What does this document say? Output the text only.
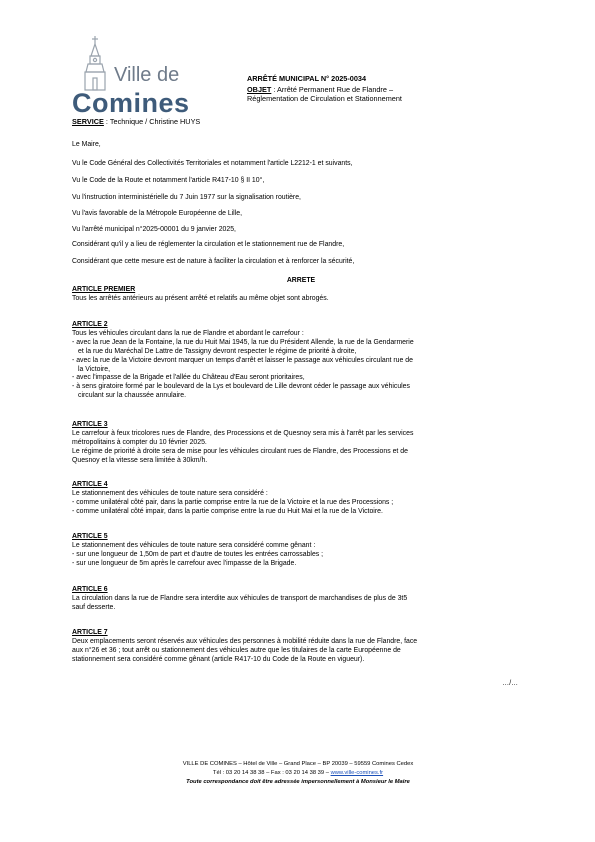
Ville de
Comines
ARRÊTÉ MUNICIPAL N° 2025-0034
OBJET : Arrêté Permanent Rue de Flandre –
Réglementation de Circulation et Stationnement
SERVICE : Technique / Christine HUYS
Le Maire,
Vu le Code Général des Collectivités Territoriales et notamment l'article L2212-1 et suivants,
Vu le Code de la Route et notamment l'article R417-10 § II 10°,
Vu l'instruction interministérielle du 7 Juin 1977 sur la signalisation routière,
Vu l'avis favorable de la Métropole Européenne de Lille,
Vu l'arrêté municipal n°2025-00001 du 9 janvier 2025,
Considérant qu'il y a lieu de réglementer la circulation et le stationnement rue de Flandre,
Considérant que cette mesure est de nature à faciliter la circulation et à renforcer la sécurité,
ARRETE
ARTICLE PREMIER
Tous les arrêtés antérieurs au présent arrêté et relatifs au même objet sont abrogés.
ARTICLE 2
Tous les véhicules circulant dans la rue de Flandre et abordant le carrefour :
- avec la rue Jean de la Fontaine, la rue du Huit Mai 1945, la rue du Président Allende, la rue de la Gendarmerie
et la rue du Maréchal De Lattre de Tassigny devront respecter le régime de priorité à droite,
- avec la rue de la Victoire devront marquer un temps d'arrêt et laisser le passage aux véhicules circulant rue de
la Victoire,
- avec l'impasse de la Brigade et l'allée du Château d'Eau seront prioritaires,
- à sens giratoire formé par le boulevard de la Lys et boulevard de Lille devront céder le passage aux véhicules
circulant sur la chaussée annulaire.
ARTICLE 3
Le carrefour à feux tricolores rues de Flandre, des Processions et de Quesnoy sera mis à l'arrêt par les services
métropolitains à compter du 10 février 2025.
Le régime de priorité à droite sera de mise pour les véhicules circulant rues de Flandre, des Processions et de
Quesnoy et la vitesse sera limitée à 30km/h.
ARTICLE 4
Le stationnement des véhicules de toute nature sera considéré :
- comme unilatéral côté pair, dans la partie comprise entre la rue de la Victoire et la rue des Processions ;
- comme unilatéral côté impair, dans la partie comprise entre la rue du Huit Mai et la rue de la Victoire.
ARTICLE 5
Le stationnement des véhicules de toute nature sera considéré comme gênant :
- sur une longueur de 1,50m de part et d'autre de toutes les entrées carrossables ;
- sur une longueur de 5m après le carrefour avec l'impasse de la Brigade.
ARTICLE 6
La circulation dans la rue de Flandre sera interdite aux véhicules de transport de marchandises de plus de 3t5
sauf desserte.
ARTICLE 7
Deux emplacements seront réservés aux véhicules des personnes à mobilité réduite dans la rue de Flandre, face
aux n°26 et 36 ; tout arrêt ou stationnement des véhicules autre que les titulaires de la carte Européenne de
stationnement sera considéré comme gênant (article R417-10 du Code de la Route en vigueur).
…/…
VILLE DE COMINES – Hôtel de Ville – Grand Place – BP 20039 – 59559 Comines Cedex
Tél : 03 20 14 38 38 – Fax : 03 20 14 38 39 – www.ville-comines.fr
Toute correspondance doit être adressée impersonnellement à Monsieur le Maire
